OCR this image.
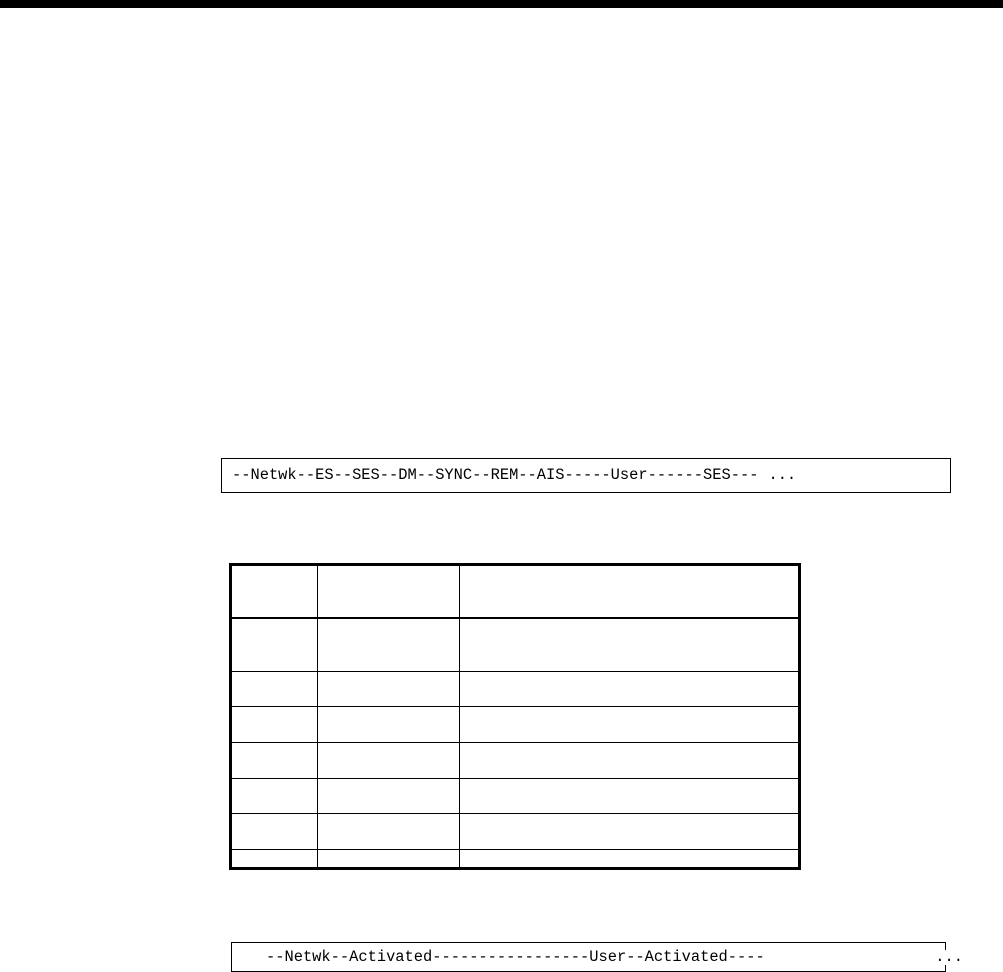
--Netwk--ES--SES--DM--SYNC--REM--AIS-----User------SES--- ...

--Netwk--Activated-----------------User--Activated----	...
